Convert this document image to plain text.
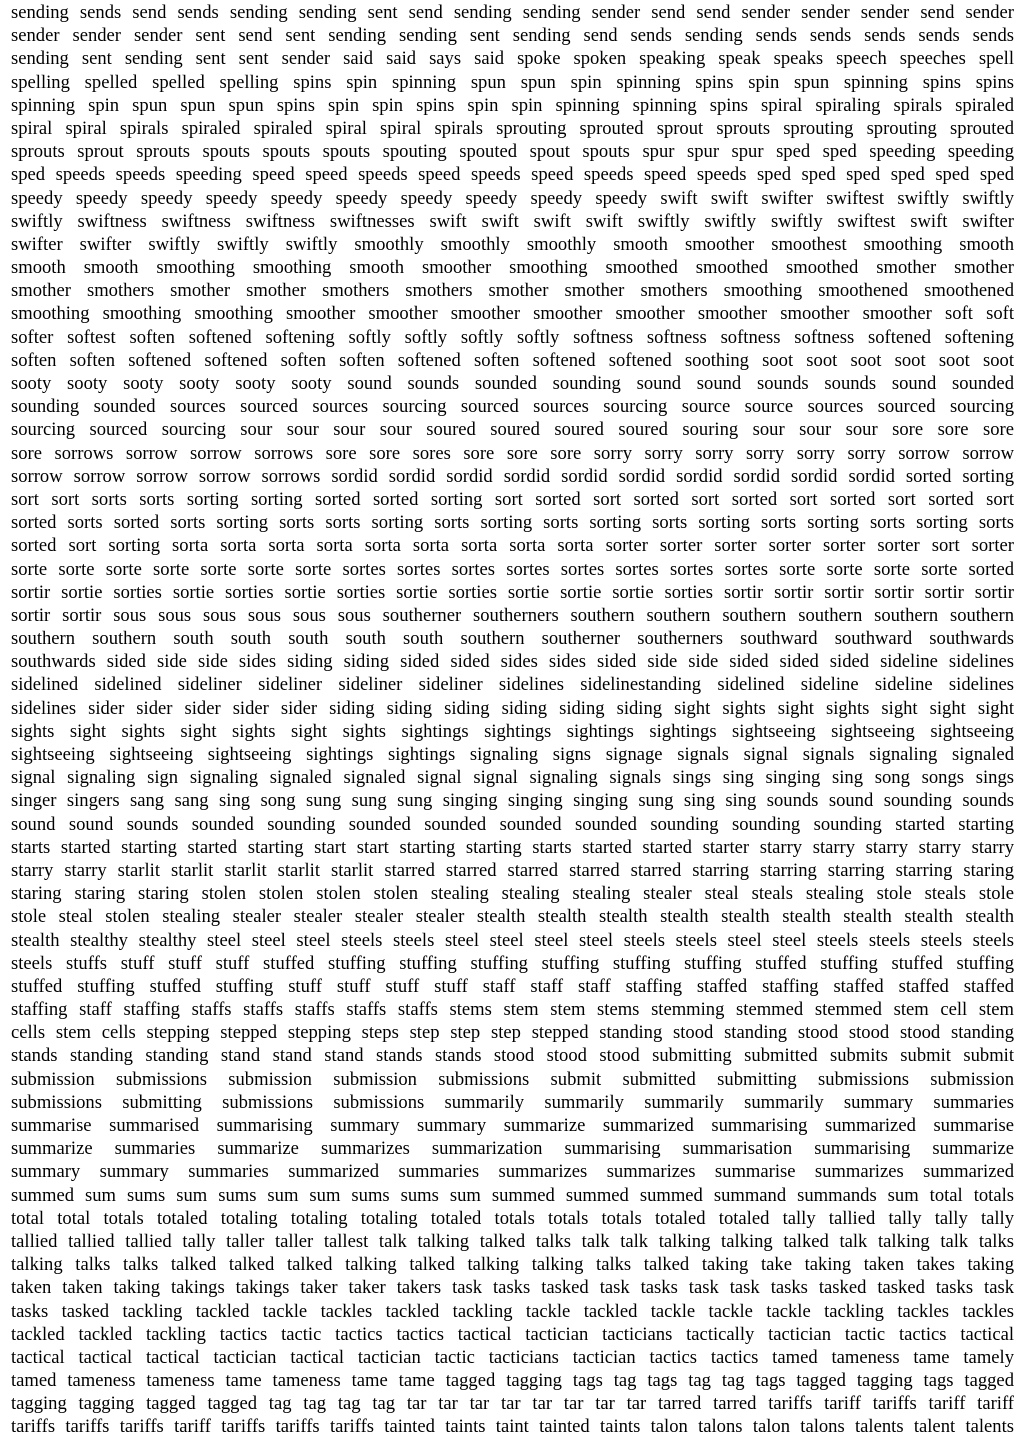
sending sends send sends sending sending sent send sending sending sender send send sender sender sender send sender
sender sender sender sent send sent sending sending sent sending send sends sending sends sends sends sends sends
sending sent sending sent sent sender said said says said spoke spoken speaking speak speaks speech speeches spell
spelling spelled spelled spelling spins spin spinning spun spun spin spinning spins spin spun spinning spins spins
spinning spin spun spun spun spins spin spin spins spin spin spinning spinning spins spiral spiraling spirals spiraled
spiral spiral spirals spiraled spiraled spiral spiral spirals sprouting sprouted sprout sprouts sprouting sprouting sprouted
sprouts sprout sprouts spouts spouts spouts spouting spouted spout spouts spur spur spur sped sped speeding speeding
sped speeds speeds speeding speed speed speeds speed speeds speed speeds speed speeds sped sped sped sped sped sped
speedy speedy speedy speedy speedy speedy speedy speedy speedy speedy swift swift swifter swiftest swiftly swiftly
swiftly swiftness swiftness swiftness swiftnesses swift swift swift swift swiftly swiftly swiftly swiftest swift swifter
swifter swifter swiftly swiftly swiftly smoothly smoothly smoothly smooth smoother smoothest smoothing smooth
smooth smooth smoothing smoothing smooth smoother smoothing smoothed smoothed smoothed smother smother
smother smothers smother smother smothers smothers smother smother smothers smoothing smoothened smoothened
smoothing smoothing smoothing smoother smoother smoother smoother smoother smoother smoother smoother soft soft
softer softest soften softened softening softly softly softly softly softness softness softness softness softened softening
soften soften softened softened soften soften softened soften softened softened soothing soot soot soot soot soot soot
sooty sooty sooty sooty sooty sooty sound sounds sounded sounding sound sound sounds sounds sound sounded
sounding sounded sources sourced sources sourcing sourced sources sourcing source source sources sourced sourcing
sourcing sourced sourcing sour sour sour sour soured soured soured soured souring sour sour sour sore sore sore
sore sorrows sorrow sorrow sorrows sore sore sores sore sore sore sorry sorry sorry sorry sorry sorry sorrow sorrow
sorrow sorrow sorrow sorrow sorrows sordid sordid sordid sordid sordid sordid sordid sordid sordid sordid sorted sorting
sort sort sorts sorts sorting sorting sorted sorted sorting sort sorted sort sorted sort sorted sort sorted sort sorted sort
sorted sorts sorted sorts sorting sorts sorts sorting sorts sorting sorts sorting sorts sorting sorts sorting sorts sorting sorts
sorted sort sorting sorta sorta sorta sorta sorta sorta sorta sorta sorta sorter sorter sorter sorter sorter sorter sort sorter
sorte sorte sorte sorte sorte sorte sorte sortes sortes sortes sortes sortes sortes sortes sortes sorte sorte sorte sorte sorted
sortir sortie sorties sortie sorties sortie sorties sortie sorties sortie sortie sortie sorties sortir sortir sortir sortir sortir sortir
sortir sortir sous sous sous sous sous sous southerner southerners southern southern southern southern southern southern
southern southern south south south south south southern southerner southerners southward southward southwards
southwards sided side side sides siding siding sided sided sides sides sided side side sided sided sided sideline sidelines
sidelined sidelined sideliner sideliner sideliner sideliner sidelines sidelinestanding sidelined sideline sideline sidelines
sidelines sider sider sider sider sider siding siding siding siding siding siding sight sights sight sights sight sight sight
sights sight sights sight sights sight sights sightings sightings sightings sightings sightseeing sightseeing sightseeing
sightseeing sightseeing sightseeing sightings sightings signaling signs signage signals signal signals signaling signaled
signal signaling sign signaling signaled signaled signal signal signaling signals sings sing singing sing song songs sings
singer singers sang sang sing song sung sung sung singing singing singing sung sing sing sounds sound sounding sounds
sound sound sounds sounded sounding sounded sounded sounded sounded sounding sounding sounding started starting
starts started starting started starting start start starting starting starts started started starter starry starry starry starry starry
starry starry starlit starlit starlit starlit starlit starred starred starred starred starred starring starring starring starring staring
staring staring staring stolen stolen stolen stolen stealing stealing stealing stealer steal steals stealing stole steals stole
stole steal stolen stealing stealer stealer stealer stealer stealth stealth stealth stealth stealth stealth stealth stealth stealth
stealth stealthy stealthy steel steel steel steels steels steel steel steel steel steels steels steel steel steels steels steels steels
steels stuffs stuff stuff stuff stuffed stuffing stuffing stuffing stuffing stuffing stuffing stuffed stuffing stuffed stuffing
stuffed stuffing stuffed stuffing stuff stuff stuff stuff staff staff staff staffing staffed staffing staffed staffed staffed
staffing staff staffing staffs staffs staffs staffs staffs stems stem stem stems stemming stemmed stemmed stem cell stem
cells stem cells stepping stepped stepping steps step step step stepped standing stood standing stood stood stood standing
stands standing standing stand stand stand stands stands stood stood stood submitting submitted submits submit submit
submission submissions submission submission submissions submit submitted submitting submissions submission
submissions submitting submissions submissions summarily summarily summarily summarily summary summaries
summarise summarised summarising summary summary summarize summarized summarising summarized summarise
summarize summaries summarize summarizes summarization summarising summarisation summarising summarize
summary summary summaries summarized summaries summarizes summarizes summarise summarizes summarized
summed sum sums sum sums sum sum sums sums sum summed summed summed summand summands sum total totals
total total totals totaled totaling totaling totaling totaled totals totals totals totaled totaled tally tallied tally tally tally
tallied tallied tallied tally taller taller tallest talk talking talked talks talk talk talking talking talked talk talking talk talks
talking talks talks talked talked talked talking talked talking talking talks talked taking take taking taken takes taking
taken taken taking takings takings taker taker takers task tasks tasked task tasks task task tasks tasked tasked tasks task
tasks tasked tackling tackled tackle tackles tackled tackling tackle tackled tackle tackle tackle tackling tackles tackles
tackled tackled tackling tactics tactic tactics tactics tactical tactician tacticians tactically tactician tactic tactics tactical
tactical tactical tactical tactician tactical tactician tactic tacticians tactician tactics tactics tamed tameness tame tamely
tamed tameness tameness tame tameness tame tame tagged tagging tags tag tags tag tag tags tagged tagging tags tagged
tagging tagging tagged tagged tag tag tag tag tar tar tar tar tar tar tar tar tarred tarred tariffs tariff tariffs tariff tariff
tariffs tariffs tariffs tariff tariffs tariffs tariffs tainted taints taint tainted taints talon talons talon talons talents talent talents
